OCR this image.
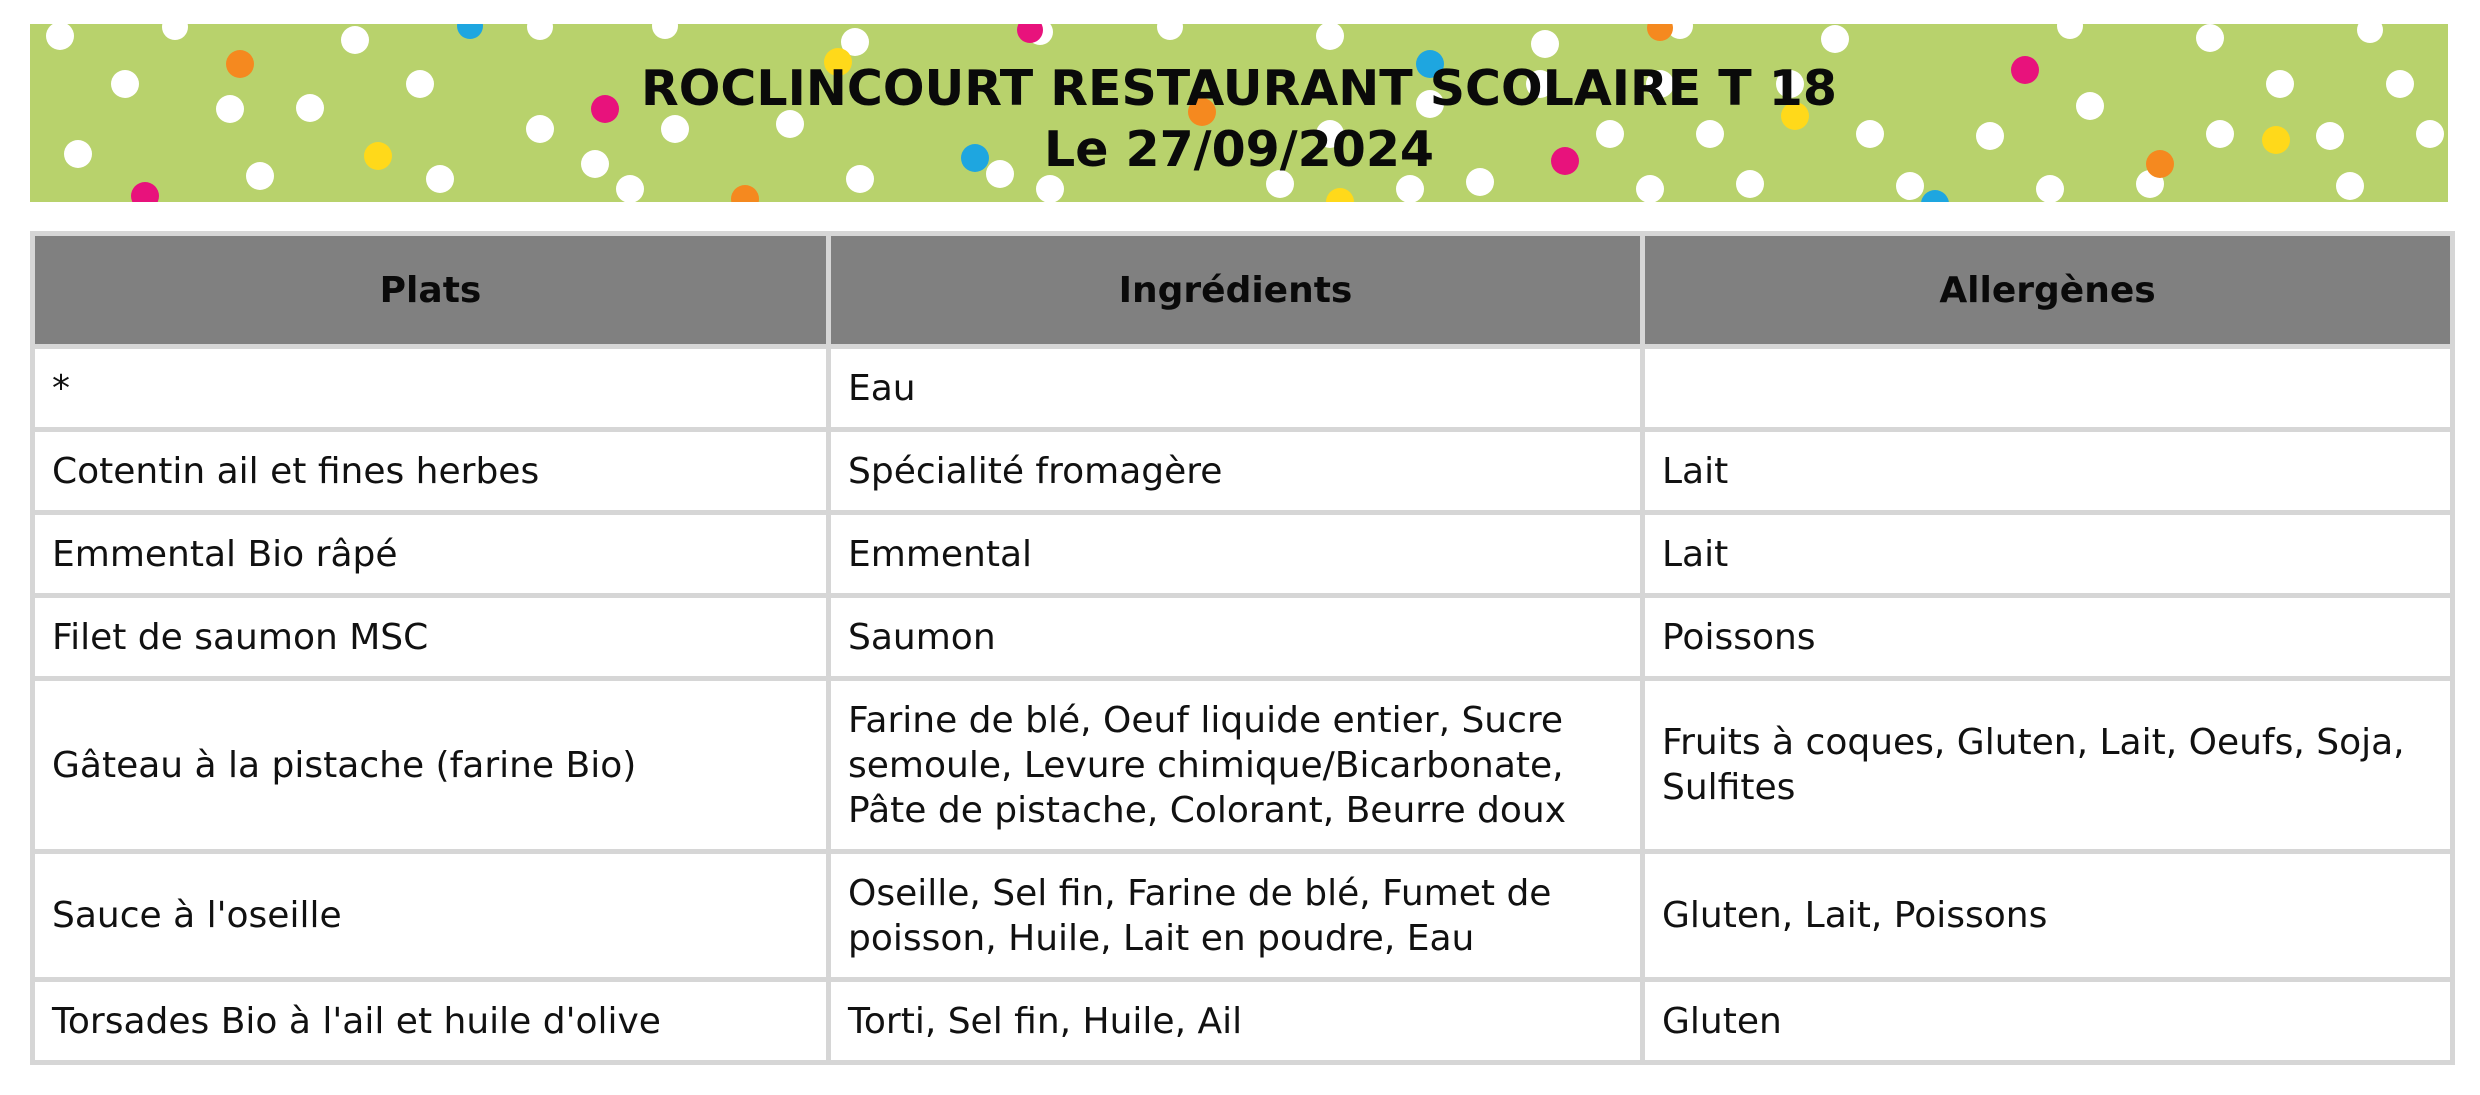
ROCLINCOURT RESTAURANT SCOLAIRE T 18
Le 27/09/2024
Plats	Ingrédients	Allergènes
*	Eau	
Cotentin ail et fines herbes	Spécialité fromagère	Lait
Emmental Bio râpé	Emmental	Lait
Filet de saumon MSC	Saumon	Poissons
Gâteau à la pistache (farine Bio)	Farine de blé, Oeuf liquide entier, Sucre semoule, Levure chimique/Bicarbonate, Pâte de pistache, Colorant, Beurre doux	Fruits à coques, Gluten, Lait, Oeufs, Soja, Sulfites
Sauce à l'oseille	Oseille, Sel fin, Farine de blé, Fumet de poisson, Huile, Lait en poudre, Eau	Gluten, Lait, Poissons
Torsades Bio à l'ail et huile d'olive	Torti, Sel fin, Huile, Ail	Gluten
